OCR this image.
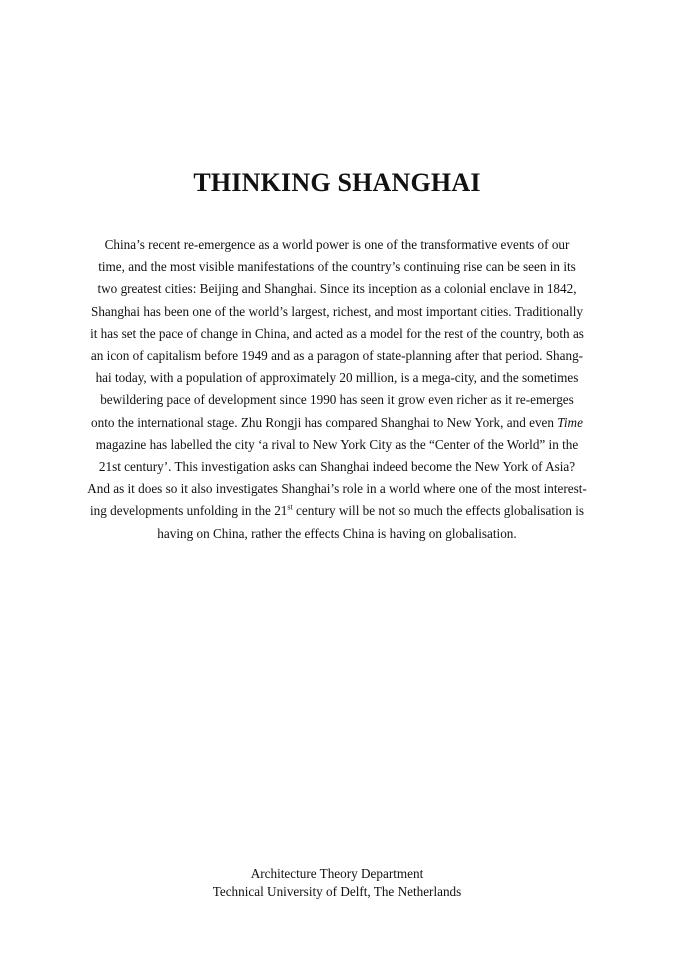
THINKING SHANGHAI
China’s recent re-emergence as a world power is one of the transformative events of our
time, and the most visible manifestations of the country’s continuing rise can be seen in its
two greatest cities: Beijing and Shanghai. Since its inception as a colonial enclave in 1842,
Shanghai has been one of the world’s largest, richest, and most important cities. Traditionally
it has set the pace of change in China, and acted as a model for the rest of the country, both as
an icon of capitalism before 1949 and as a paragon of state-planning after that period. Shang-
hai today, with a population of approximately 20 million, is a mega-city, and the sometimes
bewildering pace of development since 1990 has seen it grow even richer as it re-emerges
onto the international stage. Zhu Rongji has compared Shanghai to New York, and even Time
magazine has labelled the city ‘a rival to New York City as the “Center of the World” in the
21st century’. This investigation asks can Shanghai indeed become the New York of Asia?
And as it does so it also investigates Shanghai’s role in a world where one of the most interest-
ing developments unfolding in the 21st century will be not so much the effects globalisation is
having on China, rather the effects China is having on globalisation.
Architecture Theory Department
Technical University of Delft, The Netherlands
